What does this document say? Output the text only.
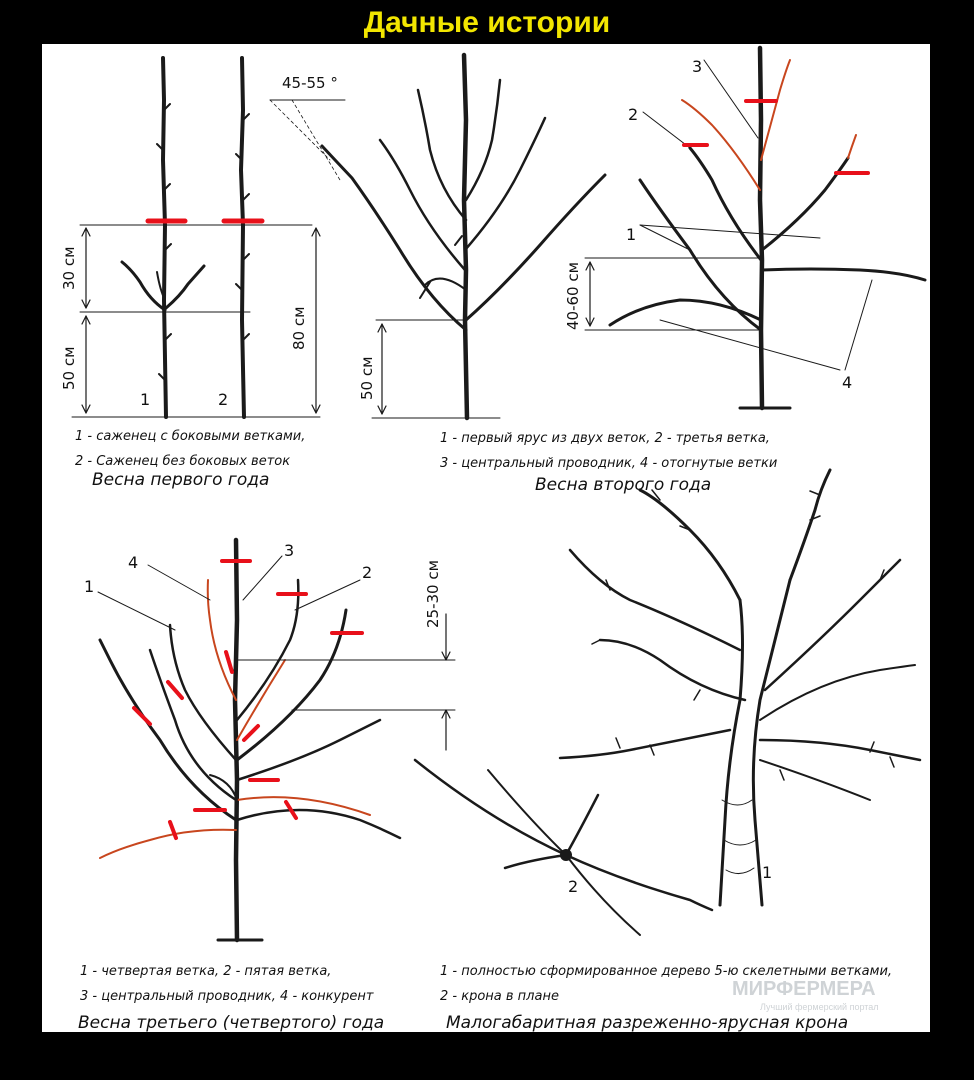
Дачные истории
1	2
30 см
50 см
80 см
1 - саженец с боковыми ветками,
2 - Саженец без боковых веток
Весна первого года
45-55 °
50 см
1 - первый ярус из двух веток, 2 - третья ветка,
3 - центральный проводник, 4 - отогнутые ветки
Весна второго года
1
2
3
4
40-60 см
1
2
3
4	25-30 см
1 - четвертая ветка, 2 - пятая ветка,
3 - центральный проводник, 4 - конкурент
Весна третьего (четвертого) года
1
2
1 - полностью сформированное дерево 5-ю скелетными ветками,
2 - крона в плане
Малогабаритная разреженно-ярусная крона
МИРФЕРМЕРА
Лучший фермерский портал
